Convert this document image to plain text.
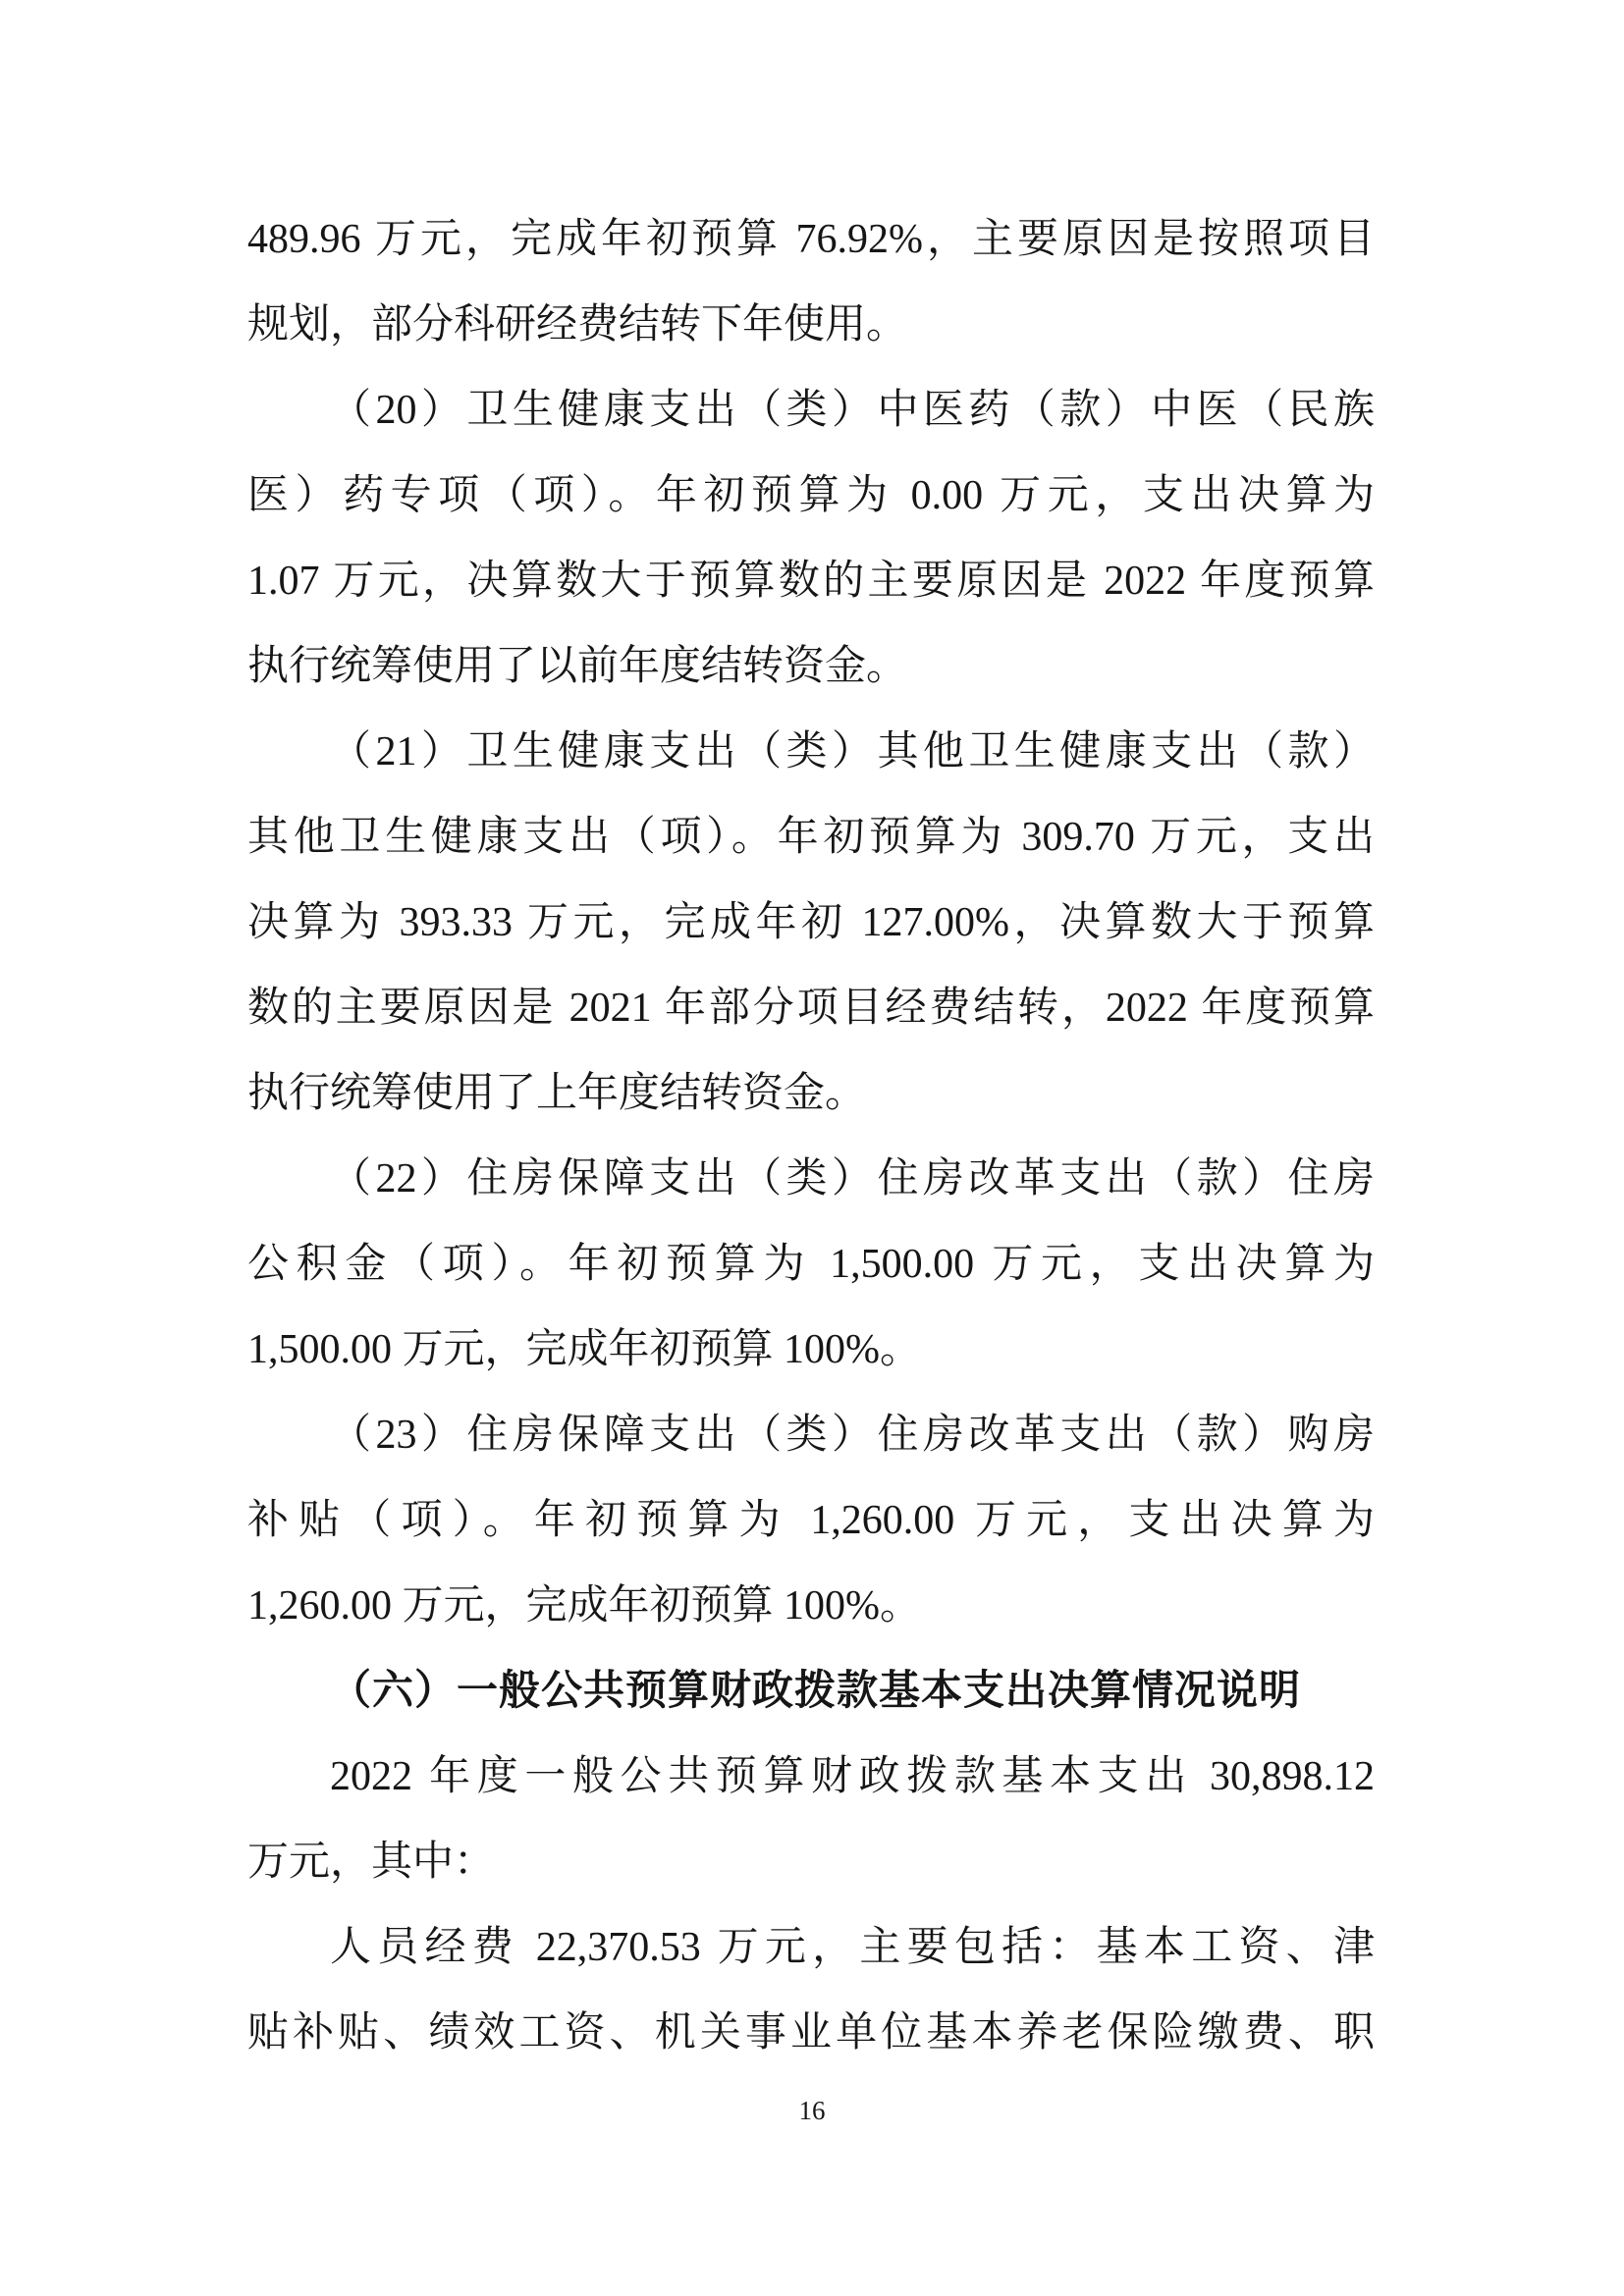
489.96 万元，完成年初预算 76.92%，主要原因是按照项目
规划，部分科研经费结转下年使用。
（20）卫生健康支出（类）中医药（款）中医（民族
医）药专项（项）。年初预算为 0.00 万元，支出决算为
1.07 万元，决算数大于预算数的主要原因是 2022 年度预算
执行统筹使用了以前年度结转资金。
（21）卫生健康支出（类）其他卫生健康支出（款）
其他卫生健康支出（项）。年初预算为 309.70 万元，支出
决算为 393.33 万元，完成年初 127.00%，决算数大于预算
数的主要原因是 2021 年部分项目经费结转，2022 年度预算
执行统筹使用了上年度结转资金。
（22）住房保障支出（类）住房改革支出（款）住房
公积金（项）。年初预算为 1,500.00 万元，支出决算为
1,500.00 万元，完成年初预算 100%。
（23）住房保障支出（类）住房改革支出（款）购房
补贴（项）。年初预算为 1,260.00 万元，支出决算为
1,260.00 万元，完成年初预算 100%。
（六）一般公共预算财政拨款基本支出决算情况说明
2022 年度一般公共预算财政拨款基本支出 30,898.12
万元，其中：
人员经费 22,370.53 万元，主要包括：基本工资、津
贴补贴、绩效工资、机关事业单位基本养老保险缴费、职
16
